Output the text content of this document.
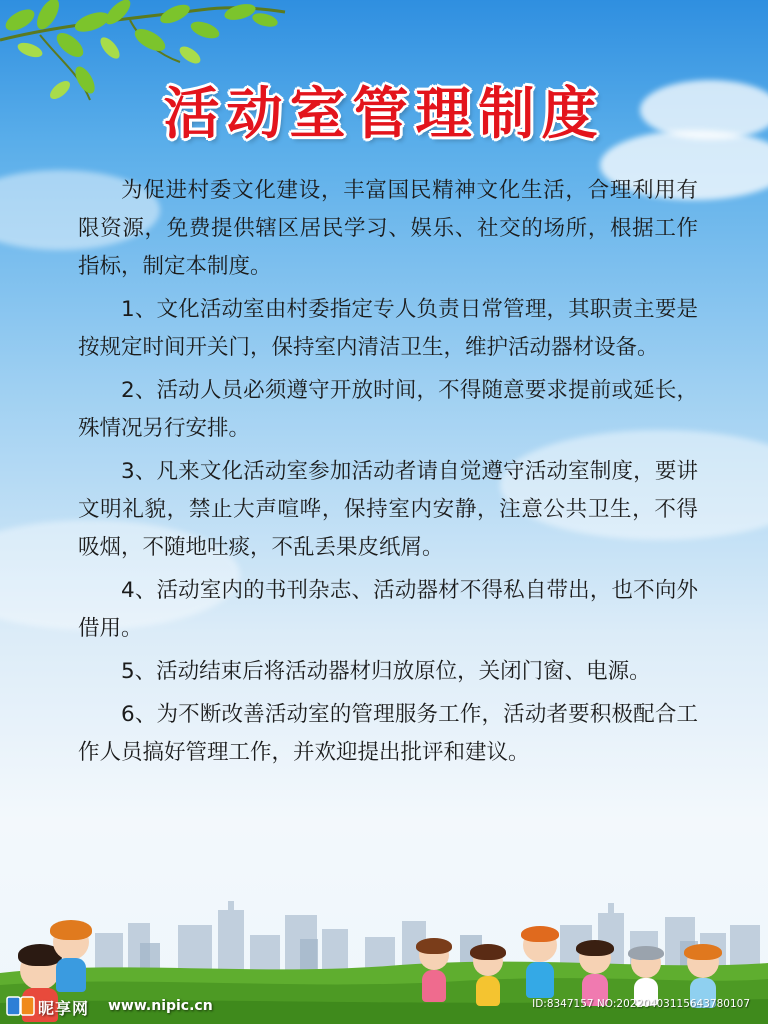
活动室管理制度

为促进村委文化建设，丰富国民精神文化生活，合理利用有限资源，免费提供辖区居民学习、娱乐、社交的场所，根据工作指标，制定本制度。

1、文化活动室由村委指定专人负责日常管理，其职责主要是按规定时间开关门，保持室内清洁卫生，维护活动器材设备。

2、活动人员必须遵守开放时间，不得随意要求提前或延长，殊情况另行安排。

3、凡来文化活动室参加活动者请自觉遵守活动室制度，要讲文明礼貌，禁止大声喧哗，保持室内安静，注意公共卫生，不得吸烟，不随地吐痰，不乱丢果皮纸屑。

4、活动室内的书刊杂志、活动器材不得私自带出，也不向外借用。

5、活动结束后将活动器材归放原位，关闭门窗、电源。

6、为不断改善活动室的管理服务工作，活动者要积极配合工作人员搞好管理工作，并欢迎提出批评和建议。

昵享网 www.nipic.cn	ID:8347157 NO:20220403115643780107
